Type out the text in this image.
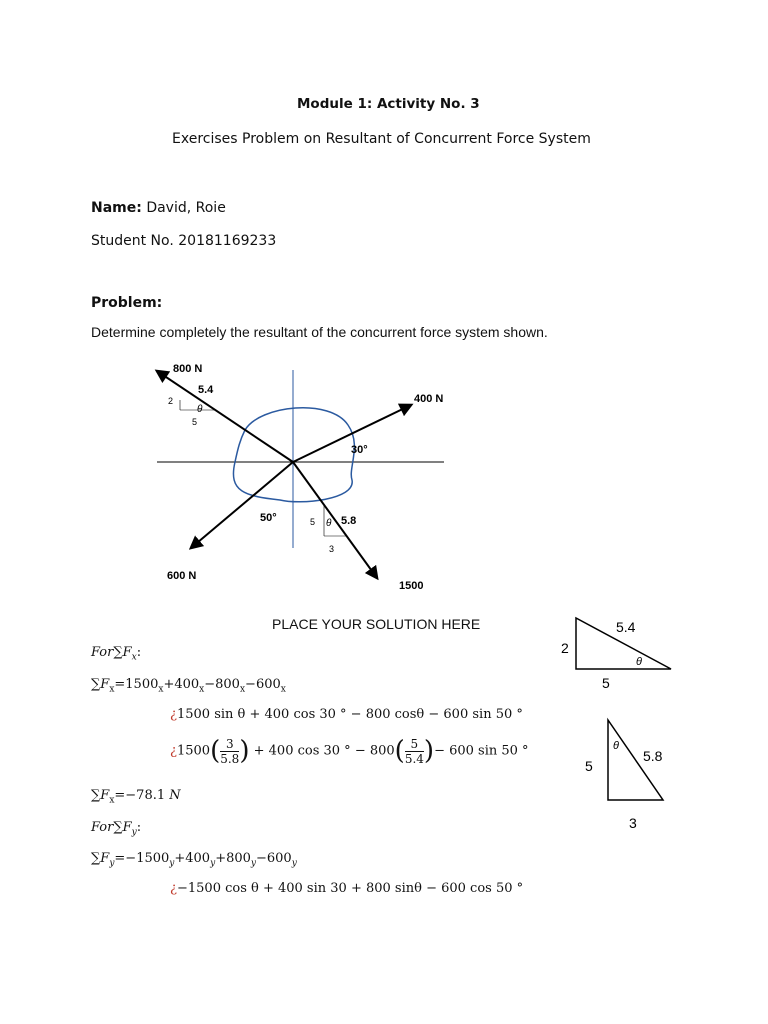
Module 1: Activity No. 3
Exercises Problem on Resultant of Concurrent Force System
Name: David, Roie
Student No. 20181169233
Problem:
Determine completely the resultant of the concurrent force system shown.
800 N
400 N
600 N
1500
30°
50°
5.4
2
5
θ
5.8
5
3
θ
PLACE YOUR SOLUTION HERE	5.4
2
5
θ
5.8
5
3
θ
$For\sum F_x$:
$\sum F_x=1500_x+400_x-800_x-600_x$
¿1500 sin θ + 400 cos 30 ° − 800 cosθ − 600 sin 50 °
¿$1500( \frac{3}{5.8}$ ) + 400 cos 30 ° − $800( \frac{5}{5.4}$ )− 600 sin 50 °
$\sum F_x=-78.1$ N
$For\sum F_y$:
$\sum F_y=-1500_y+400_y+800_y-600_y$
¿−1500 cos θ + 400 sin 30 + 800 sinθ − 600 cos 50 °
